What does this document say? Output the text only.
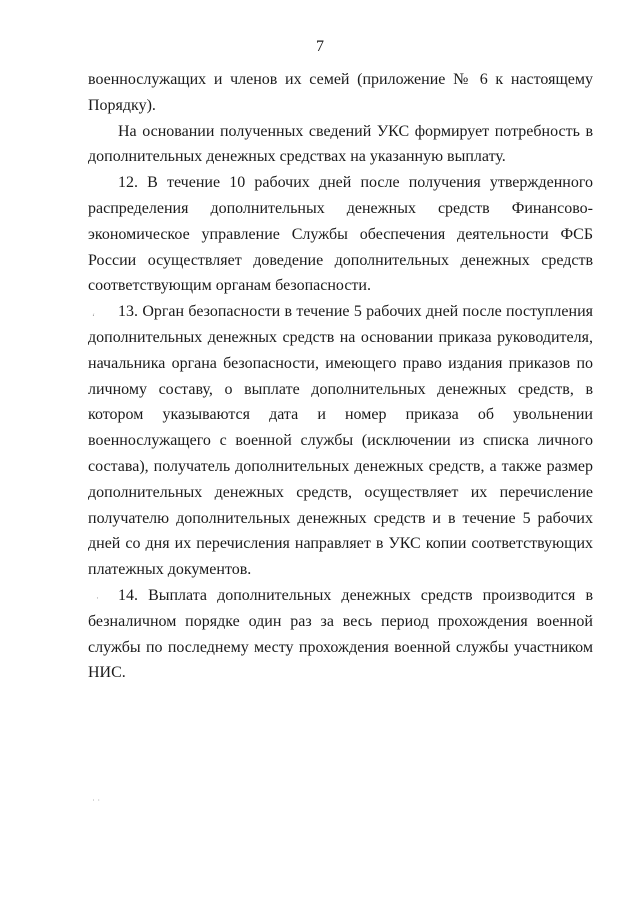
7

военнослужащих и членов их семей (приложение № 6 к настоящему Порядку).

На основании полученных сведений УКС формирует потребность в дополнительных денежных средствах на указанную выплату.

12. В течение 10 рабочих дней после получения утвержденного распределения дополнительных денежных средств Финансово-экономическое управление Службы обеспечения деятельности ФСБ России осуществляет доведение дополнительных денежных средств соответствующим органам безопасности.

13. Орган безопасности в течение 5 рабочих дней после поступления дополнительных денежных средств на основании приказа руководителя, начальника органа безопасности, имеющего право издания приказов по личному составу, о выплате дополнительных денежных средств, в котором указываются дата и номер приказа об увольнении военнослужащего с военной службы (исключении из списка личного состава), получатель дополнительных денежных средств, а также размер дополнительных денежных средств, осуществляет их перечисление получателю дополнительных денежных средств и в течение 5 рабочих дней со дня их перечисления направляет в УКС копии соответствующих платежных документов.

14. Выплата дополнительных денежных средств производится в безналичном порядке один раз за весь период прохождения военной службы по последнему месту прохождения военной службы участником НИС.

‘
·
˙ ˙
